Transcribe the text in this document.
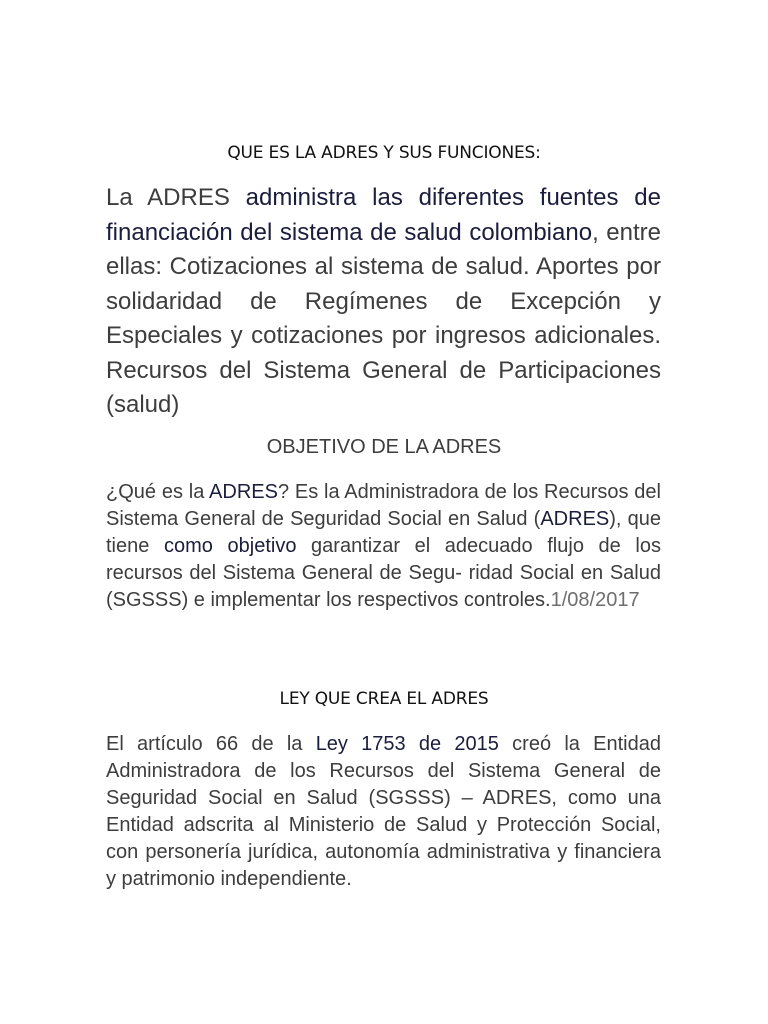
QUE ES LA ADRES Y SUS FUNCIONES:

La ADRES administra las diferentes fuentes de financiación del sistema de salud colombiano, entre ellas: Cotizaciones al sistema de salud. Aportes por solidaridad de Regímenes de Excepción y Especiales y cotizaciones por ingresos adicionales. Recursos del Sistema General de Participaciones (salud)

OBJETIVO DE LA ADRES

¿Qué es la ADRES? Es la Administradora de los Recursos del Sistema General de Seguridad Social en Salud (ADRES), que tiene como objetivo garantizar el adecuado flujo de los recursos del Sistema General de Segu- ridad Social en Salud (SGSSS) e implementar los respectivos controles.1/08/2017

LEY QUE CREA EL ADRES

El artículo 66 de la Ley 1753 de 2015 creó la Entidad Administradora de los Recursos del Sistema General de Seguridad Social en Salud (SGSSS) – ADRES, como una Entidad adscrita al Ministerio de Salud y Protección Social, con personería jurídica, autonomía administrativa y financiera y patrimonio independiente.
